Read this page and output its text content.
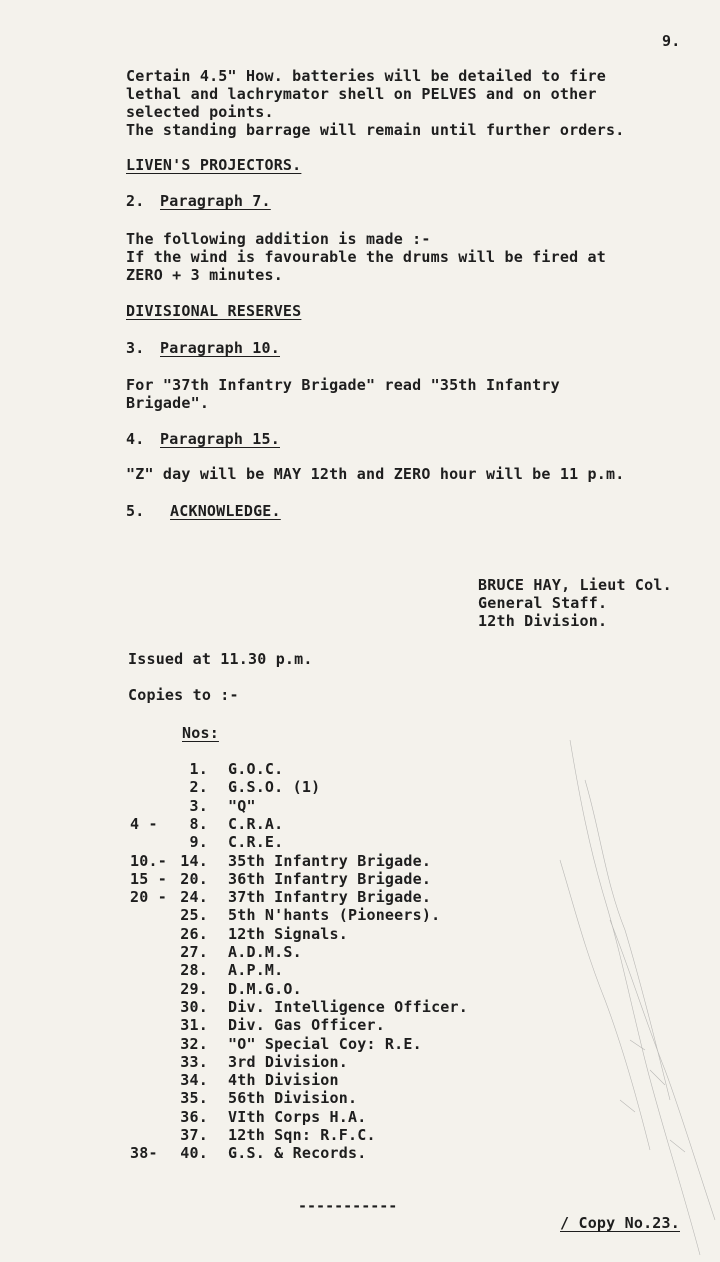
9.
Certain 4.5" How. batteries will be detailed to fire
lethal and lachrymator shell on PELVES and on other
selected points.
The standing barrage will remain until further orders.
LIVEN'S PROJECTORS.
2. Paragraph 7.
The following addition is made :-
If the wind is favourable the drums will be fired at
ZERO + 3 minutes.
DIVISIONAL RESERVES
3. Paragraph 10.
For "37th Infantry Brigade" read "35th Infantry
Brigade".
4. Paragraph 15.
"Z" day will be MAY 12th and ZERO hour will be 11 p.m.
5. ACKNOWLEDGE.
BRUCE HAY, Lieut Col.
General Staff.
12th Division.
Issued at 11.30 p.m.
Copies to :-
Nos:
1. G.O.C.
2. G.S.O. (1)
3. "Q"
4 -	8. C.R.A.
9. C.R.E.
10.- 14. 35th Infantry Brigade.
15 - 20. 36th Infantry Brigade.
20 - 24. 37th Infantry Brigade.
25. 5th N'hants (Pioneers).
26. 12th Signals.
27. A.D.M.S.
28. A.P.M.
29. D.M.G.O.
30. Div. Intelligence Officer.
31. Div. Gas Officer.
32. "O" Special Coy: R.E.
33. 3rd Division.
34. 4th Division
35. 56th Division.
36. VIth Corps H.A.
37. 12th Sqn: R.F.C.
38-	40. G.S. & Records.
-----------
/ Copy No.23.
